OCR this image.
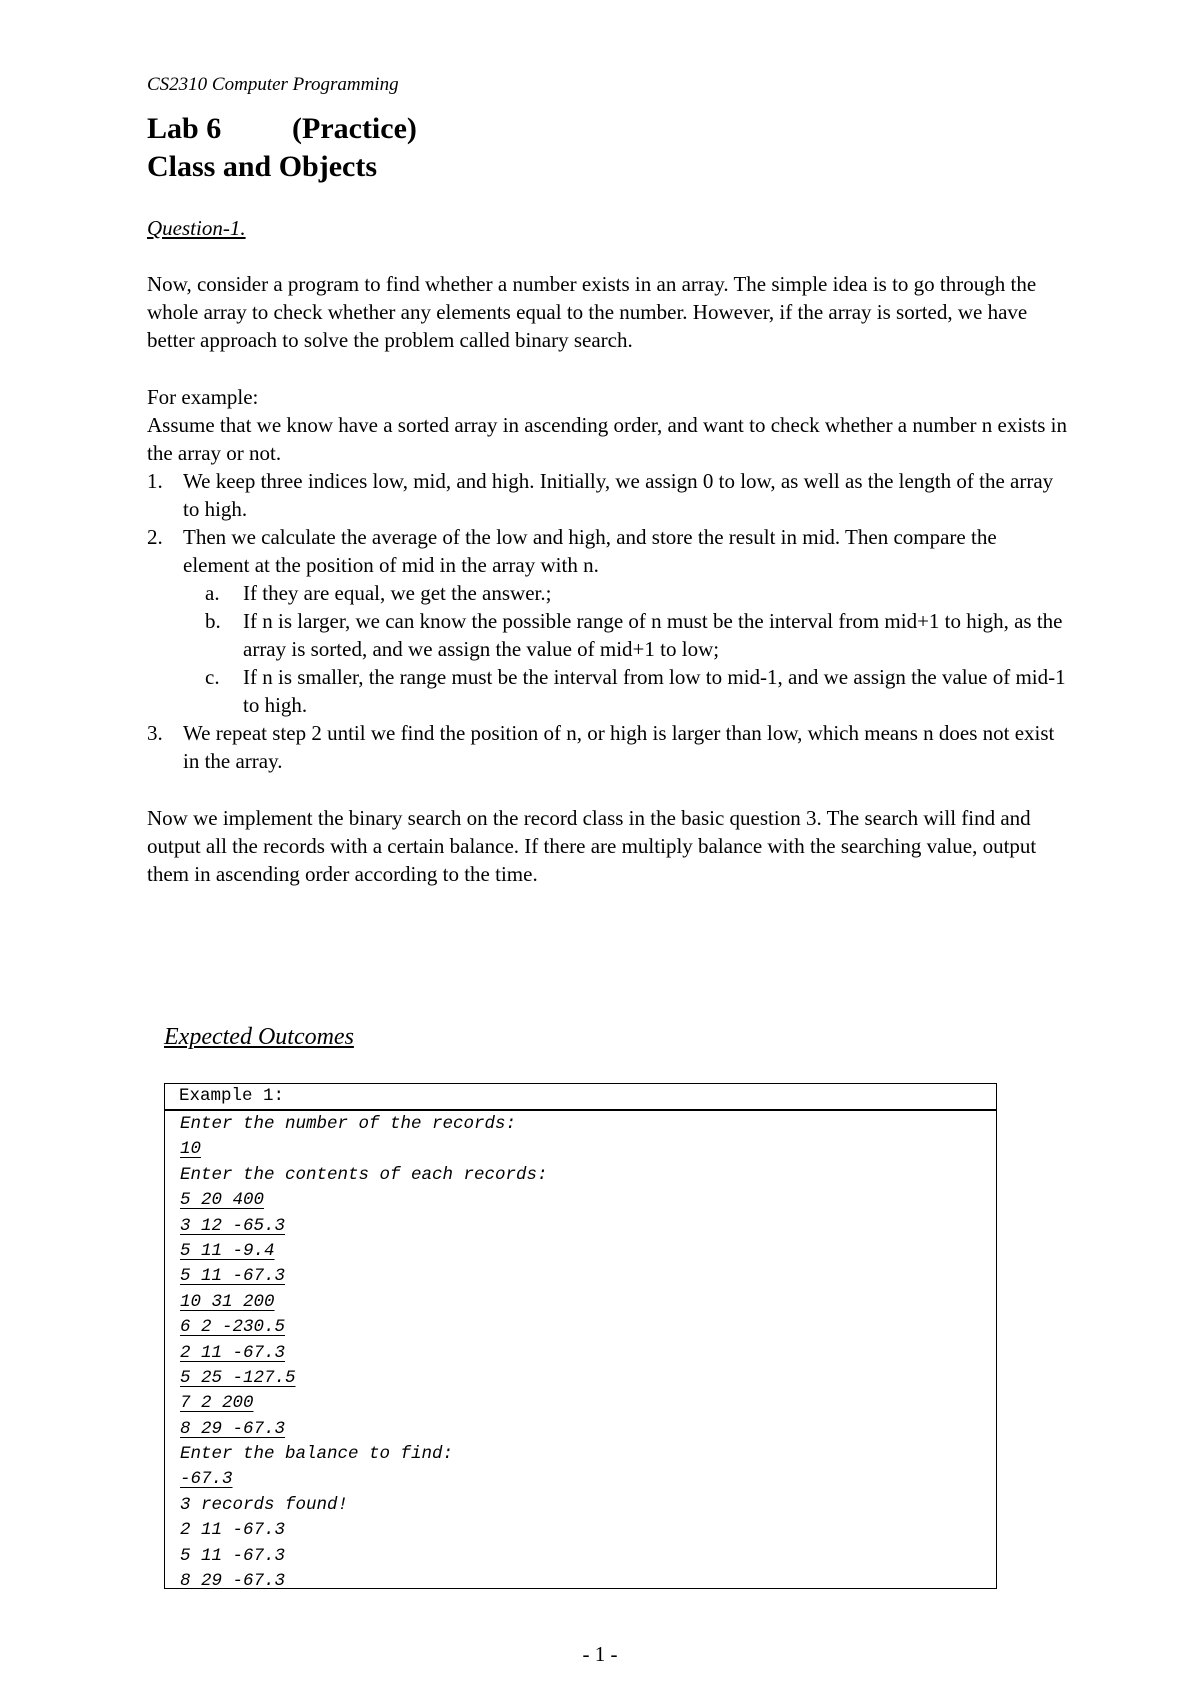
CS2310 Computer Programming
Lab 6 (Practice)
Class and Objects
Question-1.
Now, consider a program to find whether a number exists in an array. The simple idea is to go through the whole array to check whether any elements equal to the number. However, if the array is sorted, we have better approach to solve the problem called binary search.
For example:
Assume that we know have a sorted array in ascending order, and want to check whether a number n exists in the array or not.
1. We keep three indices low, mid, and high. Initially, we assign 0 to low, as well as the length of the array to high.
2. Then we calculate the average of the low and high, and store the result in mid. Then compare the element at the position of mid in the array with n.
a. If they are equal, we get the answer.;
b. If n is larger, we can know the possible range of n must be the interval from mid+1 to high, as the array is sorted, and we assign the value of mid+1 to low;
c. If n is smaller, the range must be the interval from low to mid-1, and we assign the value of mid-1 to high.
3. We repeat step 2 until we find the position of n, or high is larger than low, which means n does not exist in the array.
Now we implement the binary search on the record class in the basic question 3. The search will find and output all the records with a certain balance. If there are multiply balance with the searching value, output them in ascending order according to the time.
Expected Outcomes
Example 1:
Enter the number of the records:
10
Enter the contents of each records:
5 20 400
3 12 -65.3
5 11 -9.4
5 11 -67.3
10 31 200
6 2 -230.5
2 11 -67.3
5 25 -127.5
7 2 200
8 29 -67.3
Enter the balance to find:
-67.3
3 records found!
2 11 -67.3
5 11 -67.3
8 29 -67.3
- 1 -
